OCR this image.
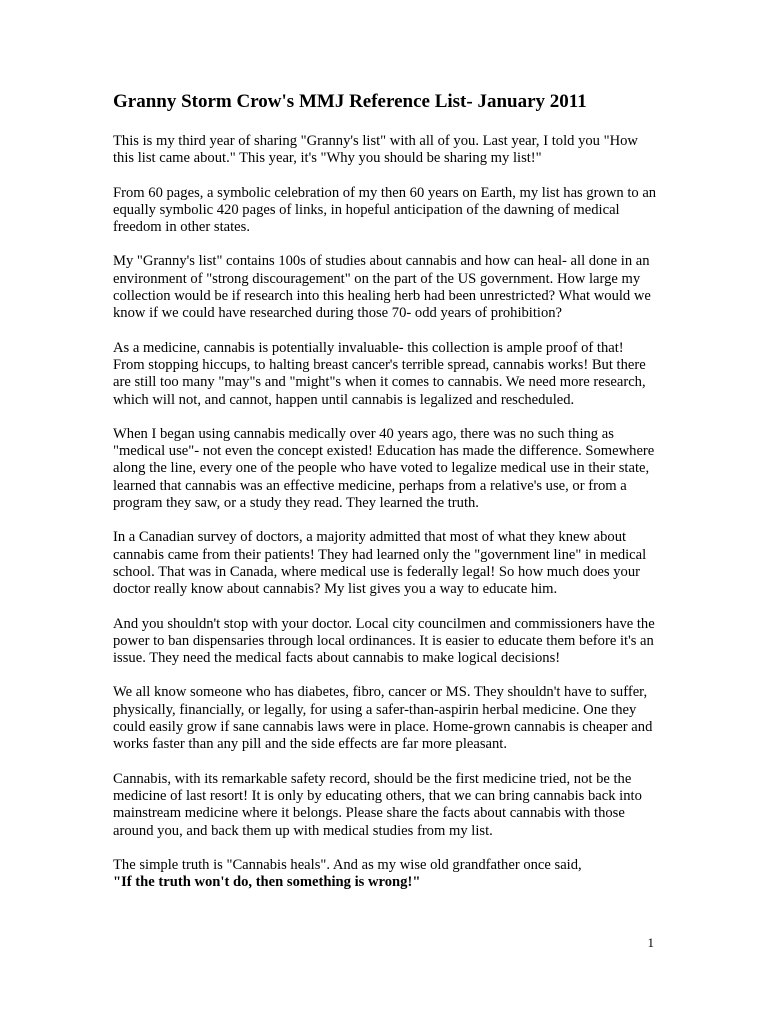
Granny Storm Crow's MMJ Reference List- January 2011

This is my third year of sharing "Granny's list" with all of you. Last year, I told you "How this list came about." This year, it's "Why you should be sharing my list!"

From 60 pages, a symbolic celebration of my then 60 years on Earth, my list has grown to an equally symbolic 420 pages of links, in hopeful anticipation of the dawning of medical freedom in other states.

My "Granny's list" contains 100s of studies about cannabis and how can heal- all done in an environment of "strong discouragement" on the part of the US government. How large my collection would be if research into this healing herb had been unrestricted? What would we know if we could have researched during those 70- odd years of prohibition?

As a medicine, cannabis is potentially invaluable- this collection is ample proof of that! From stopping hiccups, to halting breast cancer's terrible spread, cannabis works! But there are still too many "may"s and "might"s when it comes to cannabis. We need more research, which will not, and cannot, happen until cannabis is legalized and rescheduled.

When I began using cannabis medically over 40 years ago, there was no such thing as "medical use"- not even the concept existed! Education has made the difference. Somewhere along the line, every one of the people who have voted to legalize medical use in their state, learned that cannabis was an effective medicine, perhaps from a relative's use, or from a program they saw, or a study they read. They learned the truth.

In a Canadian survey of doctors, a majority admitted that most of what they knew about cannabis came from their patients! They had learned only the "government line" in medical school. That was in Canada, where medical use is federally legal! So how much does your doctor really know about cannabis? My list gives you a way to educate him.

And you shouldn't stop with your doctor. Local city councilmen and commissioners have the power to ban dispensaries through local ordinances. It is easier to educate them before it's an issue. They need the medical facts about cannabis to make logical decisions!

We all know someone who has diabetes, fibro, cancer or MS. They shouldn't have to suffer, physically, financially, or legally, for using a safer-than-aspirin herbal medicine. One they could easily grow if sane cannabis laws were in place. Home-grown cannabis is cheaper and works faster than any pill and the side effects are far more pleasant.

Cannabis, with its remarkable safety record, should be the first medicine tried, not be the medicine of last resort! It is only by educating others, that we can bring cannabis back into mainstream medicine where it belongs. Please share the facts about cannabis with those around you, and back them up with medical studies from my list.

The simple truth is "Cannabis heals". And as my wise old grandfather once said,
"If the truth won't do, then something is wrong!"

1
